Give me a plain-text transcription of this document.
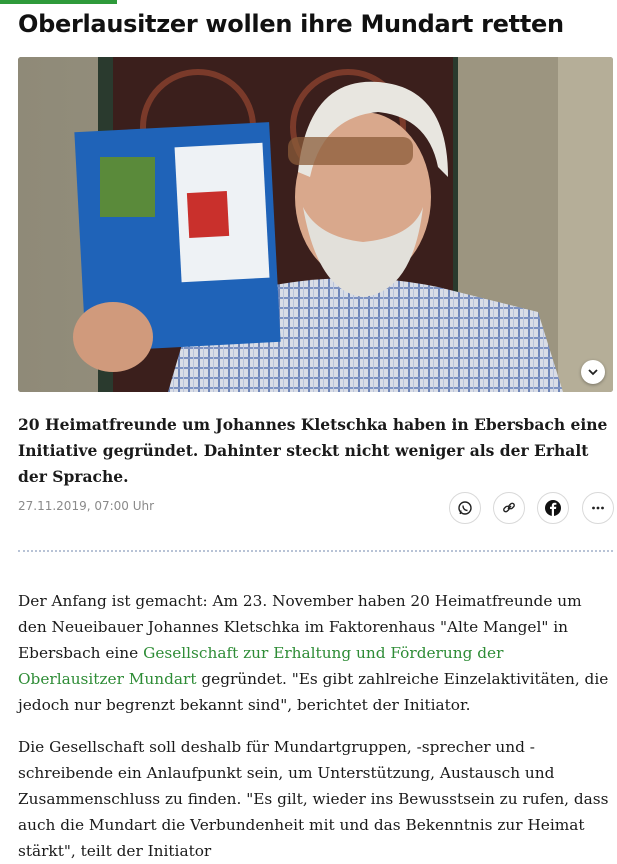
Oberlausitzer wollen ihre Mundart retten

20 Heimatfreunde um Johannes Kletschka haben in Ebersbach eine Initiative gegründet. Dahinter steckt nicht weniger als der Erhalt der Sprache.

27.11.2019, 07:00 Uhr

Der Anfang ist gemacht: Am 23. November haben 20 Heimatfreunde um den Neueibauer Johannes Kletschka im Faktorenhaus "Alte Mangel" in Ebersbach eine Gesellschaft zur Erhaltung und Förderung der Oberlausitzer Mundart gegründet. "Es gibt zahlreiche Einzelaktivitäten, die jedoch nur begrenzt bekannt sind", berichtet der Initiator.

Die Gesellschaft soll deshalb für Mundartgruppen, -sprecher und -schreibende ein Anlaufpunkt sein, um Unterstützung, Austausch und Zusammenschluss zu finden. "Es gilt, wieder ins Bewusstsein zu rufen, dass auch die Mundart die Verbundenheit mit und das Bekenntnis zur Heimat stärkt", teilt der Initiator
